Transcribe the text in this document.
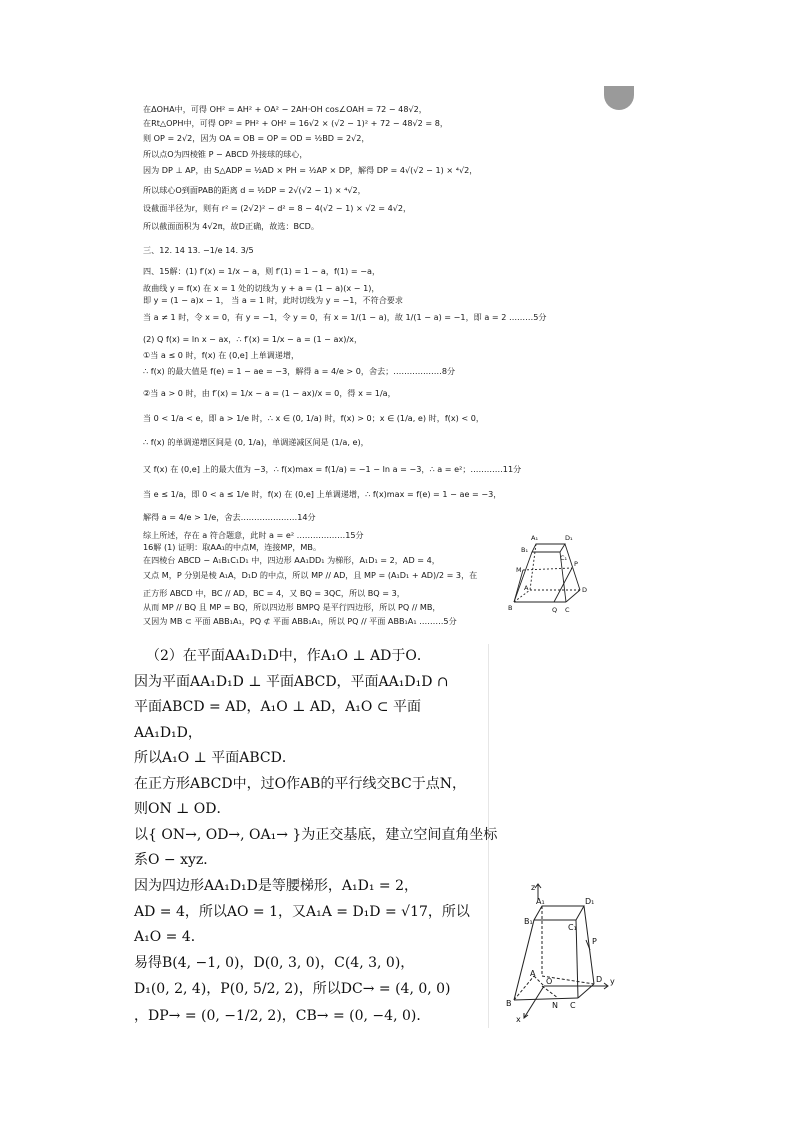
在ΔOHA中，可得 OH² = AH² + OA² − 2AH·OH cos∠OAH = 72 − 48√2，
在Rt△OPH中，可得 OP² = PH² + OH² = 16√2 × (√2 − 1)² + 72 − 48√2 = 8，
则 OP = 2√2，因为 OA = OB = OP = OD = ½BD = 2√2，
所以点O为四棱锥 P − ABCD 外接球的球心，
因为 DP ⊥ AP，由 S△ADP = ½AD × PH = ½AP × DP，解得 DP = 4√(√2 − 1) × ⁴√2，
所以球心O到面PAB的距离 d = ½DP = 2√(√2 − 1) × ⁴√2，
设截面半径为r，则有 r² = (2√2)² − d² = 8 − 4(√2 − 1) × √2 = 4√2，
所以截面面积为 4√2π，故D正确，故选：BCD。
三、12. 14 13. −1/e 14. 3/5
四、15解：(1) f′(x) = 1/x − a，则 f′(1) = 1 − a，f(1) = −a，
故曲线 y = f(x) 在 x = 1 处的切线为 y + a = (1 − a)(x − 1)，
即 y = (1 − a)x − 1， 当 a = 1 时，此时切线为 y = −1，不符合要求
当 a ≠ 1 时，令 x = 0，有 y = −1，令 y = 0，有 x = 1/(1 − a)，故 1/(1 − a) = −1，即 a = 2 ………5分
(2) Q f(x) = ln x − ax，∴ f′(x) = 1/x − a = (1 − ax)/x，
①当 a ≤ 0 时，f(x) 在 (0,e] 上单调递增，
∴ f(x) 的最大值是 f(e) = 1 − ae = −3，解得 a = 4/e > 0，舍去；………………8分
②当 a > 0 时，由 f′(x) = 1/x − a = (1 − ax)/x = 0，得 x = 1/a，
当 0 < 1/a < e，即 a > 1/e 时，∴ x ∈ (0, 1/a) 时，f(x) > 0；x ∈ (1/a, e) 时，f(x) < 0，
∴ f(x) 的单调递增区间是 (0, 1/a)，单调递减区间是 (1/a, e)，
又 f(x) 在 (0,e] 上的最大值为 −3，∴ f(x)max = f(1/a) = −1 − ln a = −3，∴ a = e²；…………11分
当 e ≤ 1/a，即 0 < a ≤ 1/e 时，f(x) 在 (0,e] 上单调递增，∴ f(x)max = f(e) = 1 − ae = −3，
解得 a = 4/e > 1/e，舍去…………………14分
综上所述，存在 a 符合题意，此时 a = e² ………………15分
16解 (1) 证明：取AA₁的中点M，连接MP，MB。
在四棱台 ABCD − A₁B₁C₁D₁ 中，四边形 AA₁DD₁ 为梯形，A₁D₁ = 2，AD = 4，
又点 M，P 分别是棱 A₁A，D₁D 的中点，所以 MP // AD，且 MP = (A₁D₁ + AD)/2 = 3，在
正方形 ABCD 中，BC // AD，BC = 4，又 BQ = 3QC，所以 BQ = 3，
从而 MP // BQ 且 MP = BQ，所以四边形 BMPQ 是平行四边形，所以 PQ // MB，
又因为 MB ⊂ 平面 ABB₁A₁，PQ ⊄ 平面 ABB₁A₁，所以 PQ // 平面 ABB₁A₁ ………5分
A₁	D₁
B₁
C₁
M
P
A	D
B	Q C
（2）在平面AA₁D₁D中，作A₁O ⊥ AD于O．
因为平面AA₁D₁D ⊥ 平面ABCD，平面AA₁D₁D ∩
平面ABCD = AD，A₁O ⊥ AD，A₁O ⊂ 平面
AA₁D₁D，
所以A₁O ⊥ 平面ABCD．
在正方形ABCD中，过O作AB的平行线交BC于点N，
则ON ⊥ OD．
以{ ON→, OD→, OA₁→ }为正交基底，建立空间直角坐标
系O − xyz．
因为四边形AA₁D₁D是等腰梯形，A₁D₁ = 2，
AD = 4，所以AO = 1，又A₁A = D₁D = √17，所以
A₁O = 4．
易得B(4, −1, 0)，D(0, 3, 0)，C(4, 3, 0)，
D₁(0, 2, 4)，P(0, 5/2, 2)，所以DC→ = (4, 0, 0)
，DP→ = (0, −1/2, 2)，CB→ = (0, −4, 0)．
z
A₁	D₁
B₁
C₁
P
A
O	D y
B	N C
x
